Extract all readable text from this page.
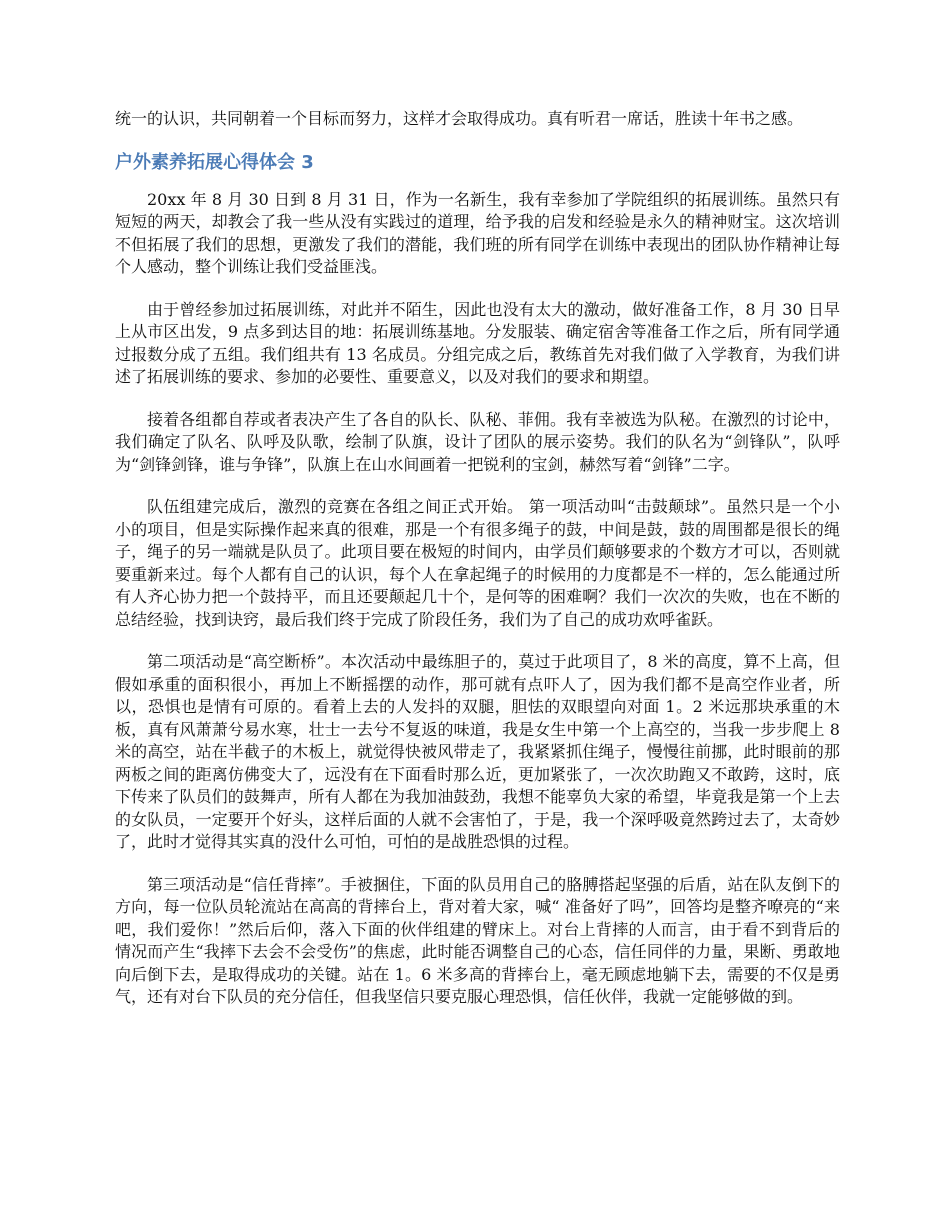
统一的认识，共同朝着一个目标而努力，这样才会取得成功。真有听君一席话，胜读十年书之感。

户外素养拓展心得体会 3

20xx 年 8 月 30 日到 8 月 31 日，作为一名新生，我有幸参加了学院组织的拓展训练。虽然只有短短的两天，却教会了我一些从没有实践过的道理，给予我的启发和经验是永久的精神财宝。这次培训不但拓展了我们的思想，更激发了我们的潜能，我们班的所有同学在训练中表现出的团队协作精神让每个人感动，整个训练让我们受益匪浅。

由于曾经参加过拓展训练，对此并不陌生，因此也没有太大的激动，做好准备工作，8 月 30 日早上从市区出发，9 点多到达目的地：拓展训练基地。分发服装、确定宿舍等准备工作之后，所有同学通过报数分成了五组。我们组共有 13 名成员。分组完成之后，教练首先对我们做了入学教育，为我们讲述了拓展训练的要求、参加的必要性、重要意义，以及对我们的要求和期望。

接着各组都自荐或者表决产生了各自的队长、队秘、菲佣。我有幸被选为队秘。在激烈的讨论中，我们确定了队名、队呼及队歌，绘制了队旗，设计了团队的展示姿势。我们的队名为“剑锋队”，队呼为“剑锋剑锋，谁与争锋”，队旗上在山水间画着一把锐利的宝剑，赫然写着“剑锋”二字。

队伍组建完成后，激烈的竞赛在各组之间正式开始。 第一项活动叫“击鼓颠球”。虽然只是一个小小的项目，但是实际操作起来真的很难，那是一个有很多绳子的鼓，中间是鼓，鼓的周围都是很长的绳子，绳子的另一端就是队员了。此项目要在极短的时间内，由学员们颠够要求的个数方才可以，否则就要重新来过。每个人都有自己的认识，每个人在拿起绳子的时候用的力度都是不一样的，怎么能通过所有人齐心协力把一个鼓持平，而且还要颠起几十个，是何等的困难啊？我们一次次的失败，也在不断的总结经验，找到诀窍，最后我们终于完成了阶段任务，我们为了自己的成功欢呼雀跃。

第二项活动是“高空断桥”。本次活动中最练胆子的，莫过于此项目了，8 米的高度，算不上高，但假如承重的面积很小，再加上不断摇摆的动作，那可就有点吓人了，因为我们都不是高空作业者，所以，恐惧也是情有可原的。看着上去的人发抖的双腿，胆怯的双眼望向对面 1。2 米远那块承重的木板，真有风萧萧兮易水寒，壮士一去兮不复返的味道，我是女生中第一个上高空的，当我一步步爬上 8 米的高空，站在半截子的木板上，就觉得快被风带走了，我紧紧抓住绳子，慢慢往前挪，此时眼前的那两板之间的距离仿佛变大了，远没有在下面看时那么近，更加紧张了，一次次助跑又不敢跨，这时，底下传来了队员们的鼓舞声，所有人都在为我加油鼓劲，我想不能辜负大家的希望，毕竟我是第一个上去的女队员，一定要开个好头，这样后面的人就不会害怕了，于是，我一个深呼吸竟然跨过去了，太奇妙了，此时才觉得其实真的没什么可怕，可怕的是战胜恐惧的过程。

第三项活动是“信任背摔”。手被捆住，下面的队员用自己的胳膊搭起坚强的后盾，站在队友倒下的方向，每一位队员轮流站在高高的背摔台上，背对着大家，喊“ 准备好了吗”，回答均是整齐嘹亮的“来吧，我们爱你！”然后后仰，落入下面的伙伴组建的臂床上。对台上背摔的人而言，由于看不到背后的情况而产生“我摔下去会不会受伤”的焦虑，此时能否调整自己的心态，信任同伴的力量，果断、勇敢地向后倒下去，是取得成功的关键。站在 1。6 米多高的背摔台上，毫无顾虑地躺下去，需要的不仅是勇气，还有对台下队员的充分信任，但我坚信只要克服心理恐惧，信任伙伴，我就一定能够做的到。
